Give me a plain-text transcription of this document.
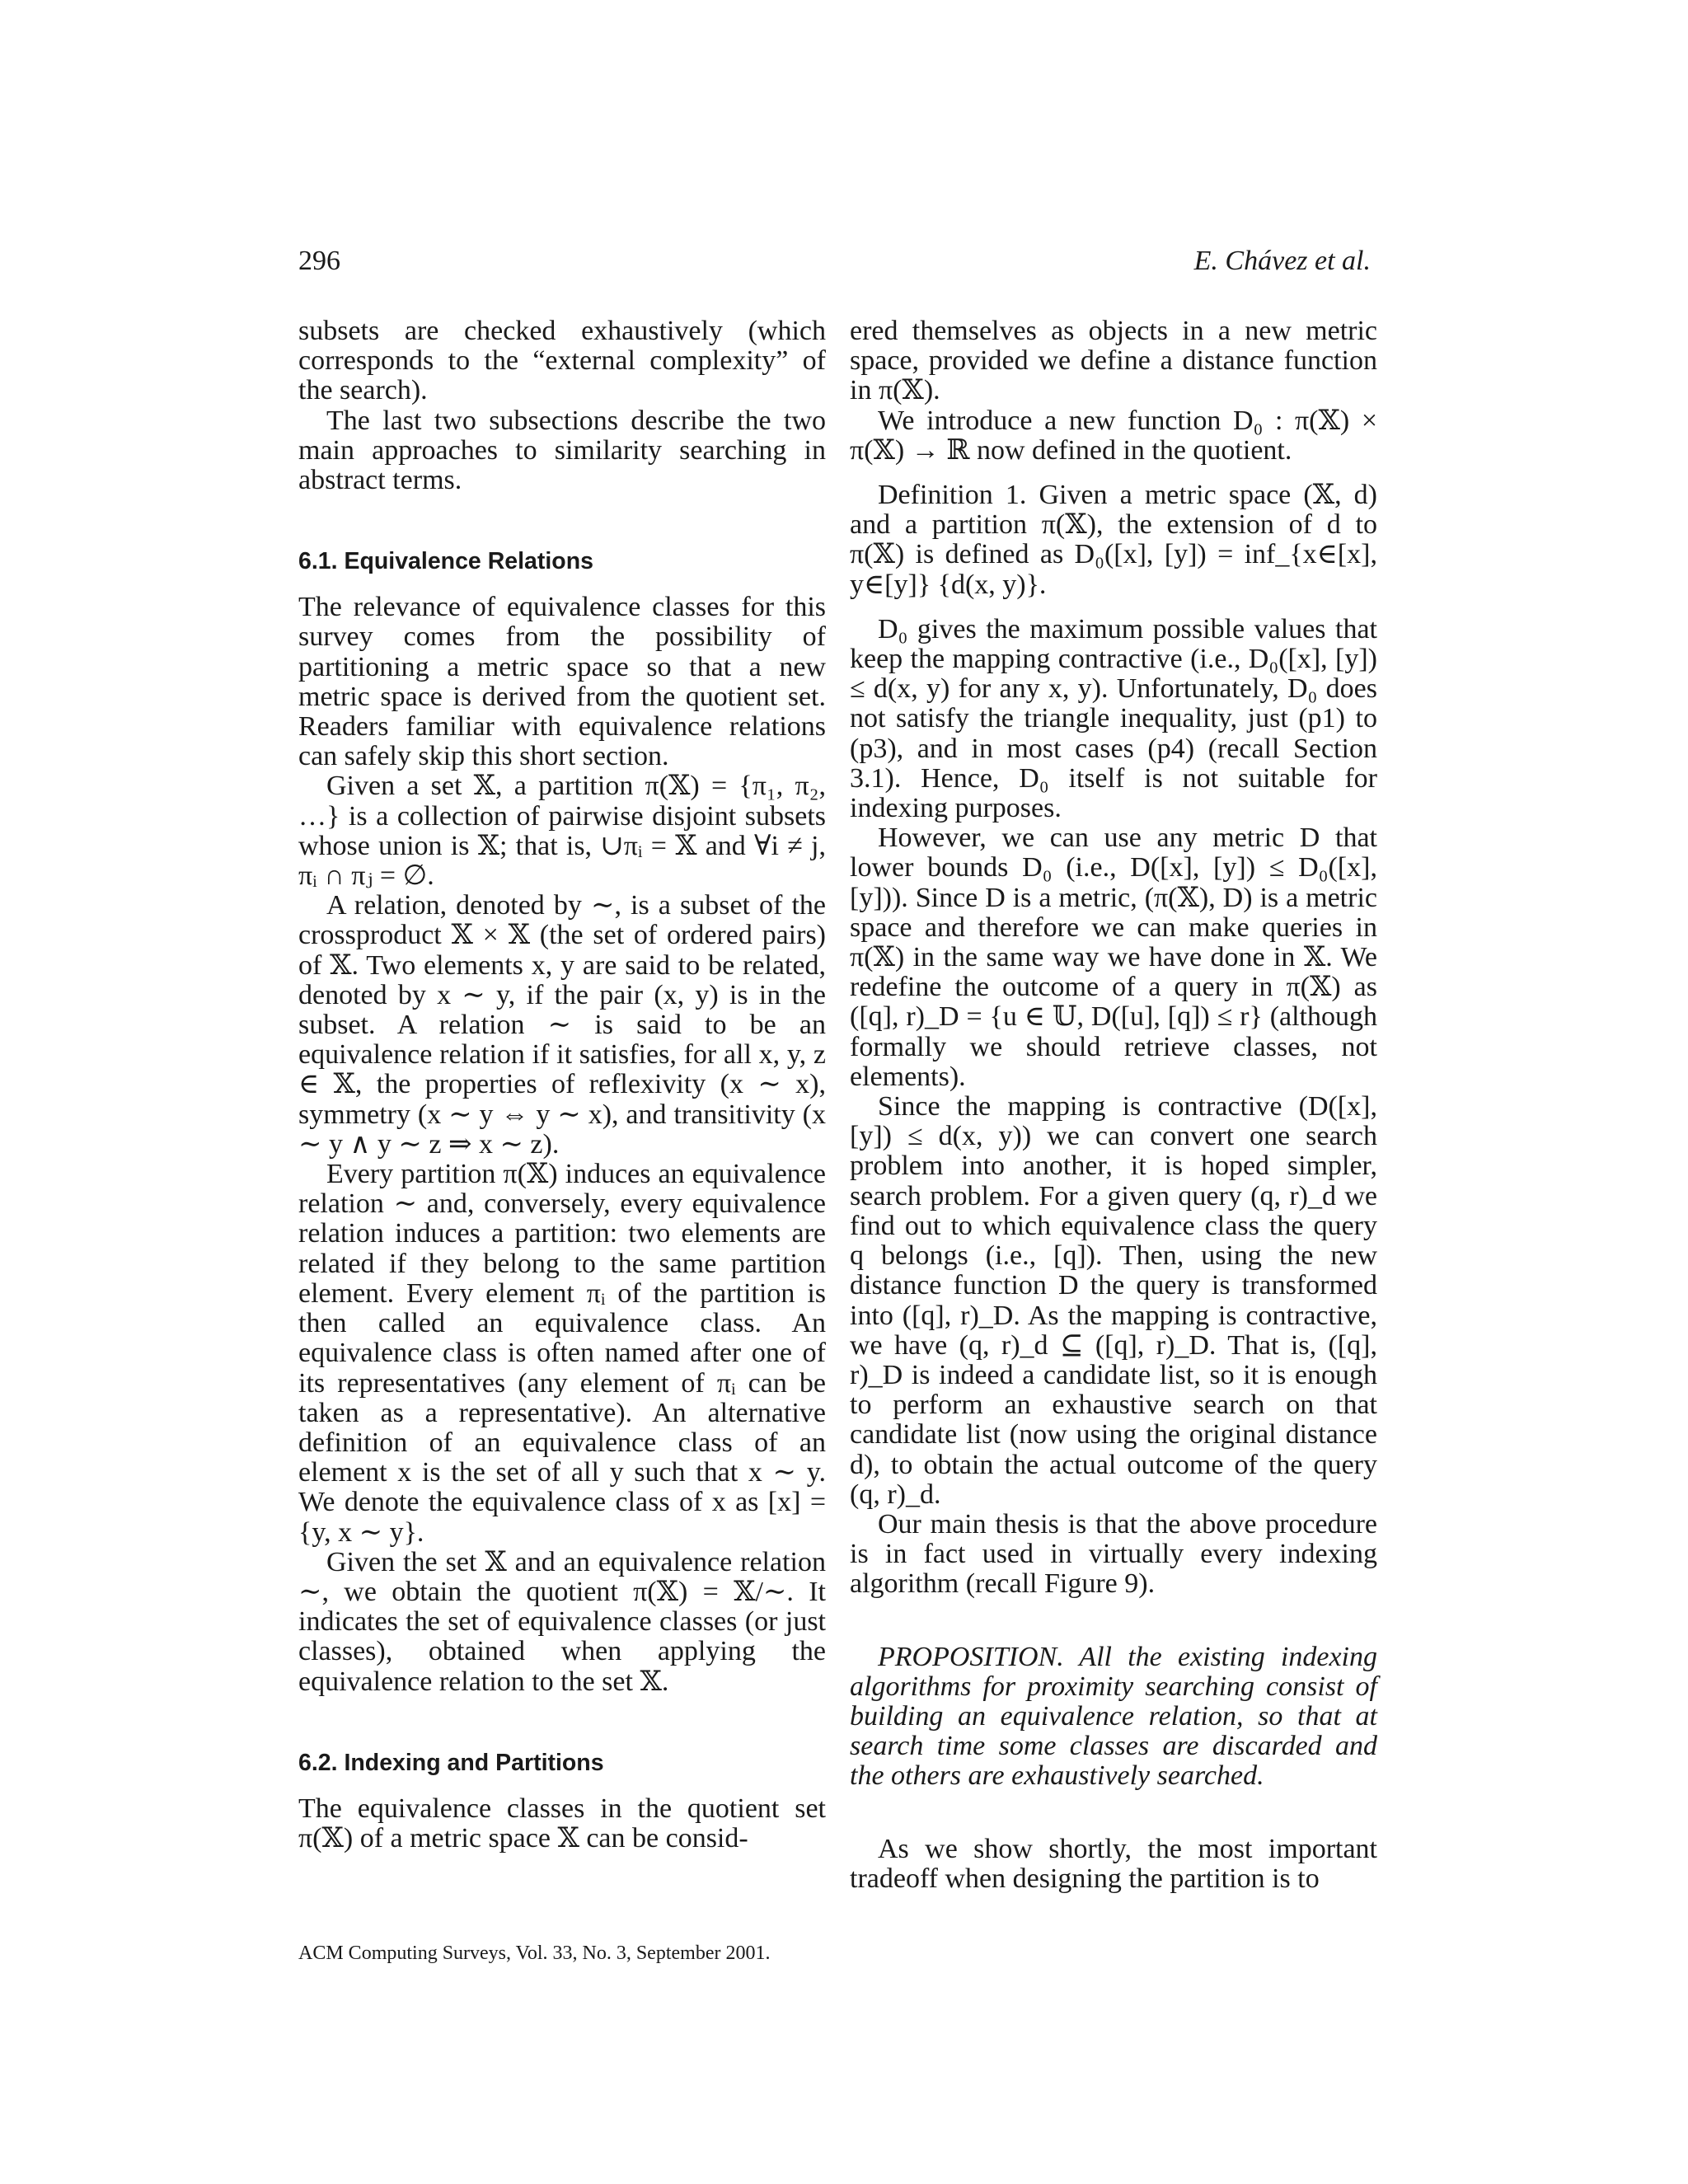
296	E. Chávez et al.

subsets are checked exhaustively (which corresponds to the “external complexity” of the search).

The last two subsections describe the two main approaches to similarity searching in abstract terms.

6.1. Equivalence Relations

The relevance of equivalence classes for this survey comes from the possibility of partitioning a metric space so that a new metric space is derived from the quotient set. Readers familiar with equivalence relations can safely skip this short section.

Given a set 𝕏, a partition π(𝕏) = {π₁, π₂, …} is a collection of pairwise disjoint subsets whose union is 𝕏; that is, ∪πᵢ = 𝕏 and ∀i ≠ j, πᵢ ∩ πⱼ = ∅.

A relation, denoted by ∼, is a subset of the crossproduct 𝕏 × 𝕏 (the set of ordered pairs) of 𝕏. Two elements x, y are said to be related, denoted by x ∼ y, if the pair (x, y) is in the subset. A relation ∼ is said to be an equivalence relation if it satisfies, for all x, y, z ∈ 𝕏, the properties of reflexivity (x ∼ x), symmetry (x ∼ y ⇔ y ∼ x), and transitivity (x ∼ y ∧ y ∼ z ⇒ x ∼ z).

Every partition π(𝕏) induces an equivalence relation ∼ and, conversely, every equivalence relation induces a partition: two elements are related if they belong to the same partition element. Every element πᵢ of the partition is then called an equivalence class. An equivalence class is often named after one of its representatives (any element of πᵢ can be taken as a representative). An alternative definition of an equivalence class of an element x is the set of all y such that x ∼ y. We denote the equivalence class of x as [x] = {y, x ∼ y}.

Given the set 𝕏 and an equivalence relation ∼, we obtain the quotient π(𝕏) = 𝕏/∼. It indicates the set of equivalence classes (or just classes), obtained when applying the equivalence relation to the set 𝕏.

6.2. Indexing and Partitions

The equivalence classes in the quotient set π(𝕏) of a metric space 𝕏 can be consid-

ered themselves as objects in a new metric space, provided we define a distance function in π(𝕏).

We introduce a new function D₀ : π(𝕏) × π(𝕏) → ℝ now defined in the quotient.

Definition 1. Given a metric space (𝕏, d) and a partition π(𝕏), the extension of d to π(𝕏) is defined as D₀([x], [y]) = inf_{x∈[x], y∈[y]} {d(x, y)}.

D₀ gives the maximum possible values that keep the mapping contractive (i.e., D₀([x], [y]) ≤ d(x, y) for any x, y). Unfortunately, D₀ does not satisfy the triangle inequality, just (p1) to (p3), and in most cases (p4) (recall Section 3.1). Hence, D₀ itself is not suitable for indexing purposes.

However, we can use any metric D that lower bounds D₀ (i.e., D([x], [y]) ≤ D₀([x], [y])). Since D is a metric, (π(𝕏), D) is a metric space and therefore we can make queries in π(𝕏) in the same way we have done in 𝕏. We redefine the outcome of a query in π(𝕏) as ([q], r)_D = {u ∈ 𝕌, D([u], [q]) ≤ r} (although formally we should retrieve classes, not elements).

Since the mapping is contractive (D([x], [y]) ≤ d(x, y)) we can convert one search problem into another, it is hoped simpler, search problem. For a given query (q, r)_d we find out to which equivalence class the query q belongs (i.e., [q]). Then, using the new distance function D the query is transformed into ([q], r)_D. As the mapping is contractive, we have (q, r)_d ⊆ ([q], r)_D. That is, ([q], r)_D is indeed a candidate list, so it is enough to perform an exhaustive search on that candidate list (now using the original distance d), to obtain the actual outcome of the query (q, r)_d.

Our main thesis is that the above procedure is in fact used in virtually every indexing algorithm (recall Figure 9).

PROPOSITION. All the existing indexing algorithms for proximity searching consist of building an equivalence relation, so that at search time some classes are discarded and the others are exhaustively searched.

As we show shortly, the most important tradeoff when designing the partition is to

ACM Computing Surveys, Vol. 33, No. 3, September 2001.
